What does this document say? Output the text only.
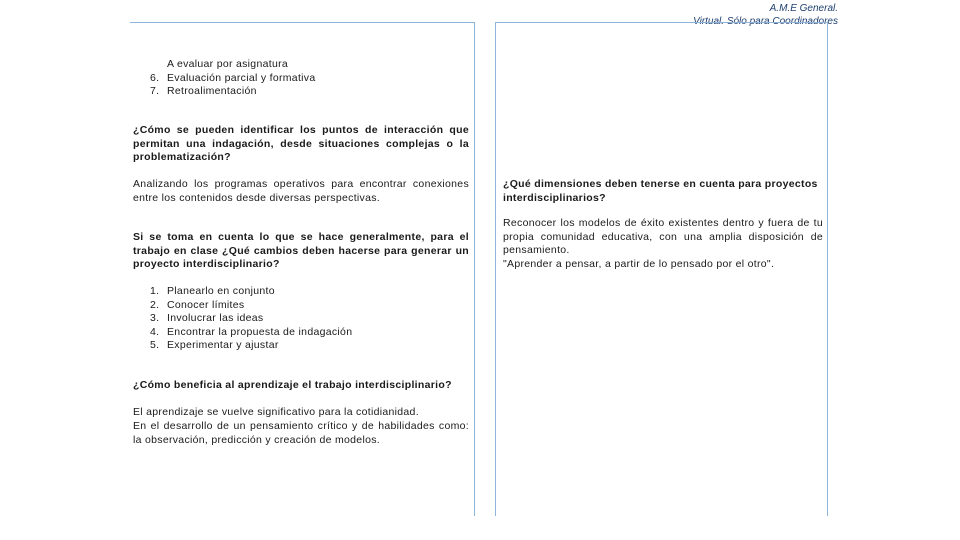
A.M.E General.
Virtual. Sólo para Coordinadores
A evaluar por asignatura
6. Evaluación parcial y formativa
7. Retroalimentación
¿Cómo se pueden identificar los puntos de interacción que permitan una indagación, desde situaciones complejas o la problematización?
Analizando los programas operativos para encontrar conexiones entre los contenidos desde diversas perspectivas.
Si se toma en cuenta lo que se hace generalmente, para el trabajo en clase ¿Qué cambios deben hacerse para generar un proyecto interdisciplinario?
1. Planearlo en conjunto
2. Conocer límites
3. Involucrar las ideas
4. Encontrar la propuesta de indagación
5. Experimentar y ajustar
¿Cómo beneficia al aprendizaje el trabajo interdisciplinario?
El aprendizaje se vuelve significativo para la cotidianidad.
En el desarrollo de un pensamiento crítico y de habilidades como: la observación, predicción y creación de modelos.
¿Qué dimensiones deben tenerse en cuenta para proyectos interdisciplinarios?
Reconocer los modelos de éxito existentes dentro y fuera de tu propia comunidad educativa, con una amplia disposición de pensamiento.
"Aprender a pensar, a partir de lo pensado por el otro".
